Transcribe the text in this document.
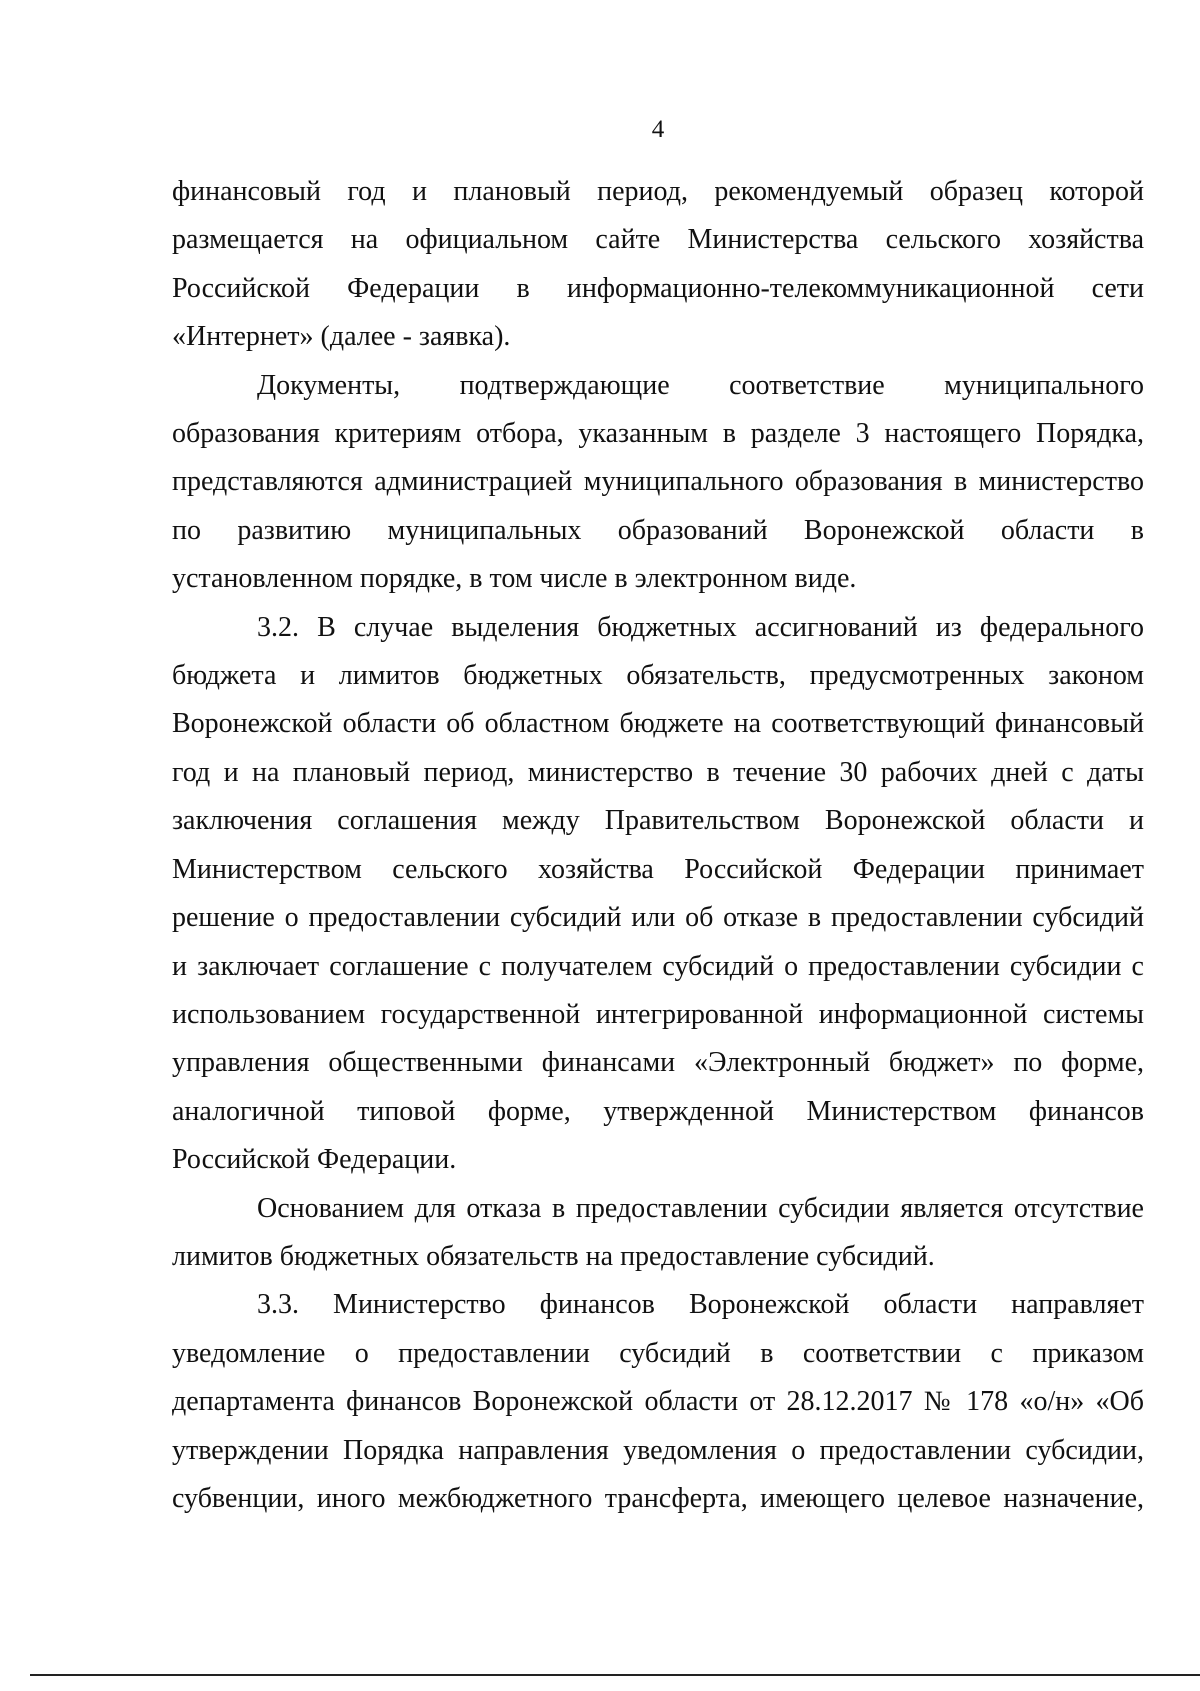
4

финансовый год и плановый период, рекомендуемый образец которой
размещается на официальном сайте Министерства сельского хозяйства
Российской Федерации в информационно-телекоммуникационной сети
«Интернет» (далее - заявка).

Документы, подтверждающие соответствие муниципального
образования критериям отбора, указанным в разделе 3 настоящего Порядка,
представляются администрацией муниципального образования в министерство
по развитию муниципальных образований Воронежской области в
установленном порядке, в том числе в электронном виде.

3.2. В случае выделения бюджетных ассигнований из федерального
бюджета и лимитов бюджетных обязательств, предусмотренных законом
Воронежской области об областном бюджете на соответствующий финансовый
год и на плановый период, министерство в течение 30 рабочих дней с даты
заключения соглашения между Правительством Воронежской области и
Министерством сельского хозяйства Российской Федерации принимает
решение о предоставлении субсидий или об отказе в предоставлении субсидий
и заключает соглашение с получателем субсидий о предоставлении субсидии с
использованием государственной интегрированной информационной системы
управления общественными финансами «Электронный бюджет» по форме,
аналогичной типовой форме, утвержденной Министерством финансов
Российской Федерации.

Основанием для отказа в предоставлении субсидии является отсутствие
лимитов бюджетных обязательств на предоставление субсидий.

3.3. Министерство финансов Воронежской области направляет
уведомление о предоставлении субсидий в соответствии с приказом
департамента финансов Воронежской области от 28.12.2017 № 178 «о/н» «Об
утверждении Порядка направления уведомления о предоставлении субсидии,
субвенции, иного межбюджетного трансферта, имеющего целевое назначение,
